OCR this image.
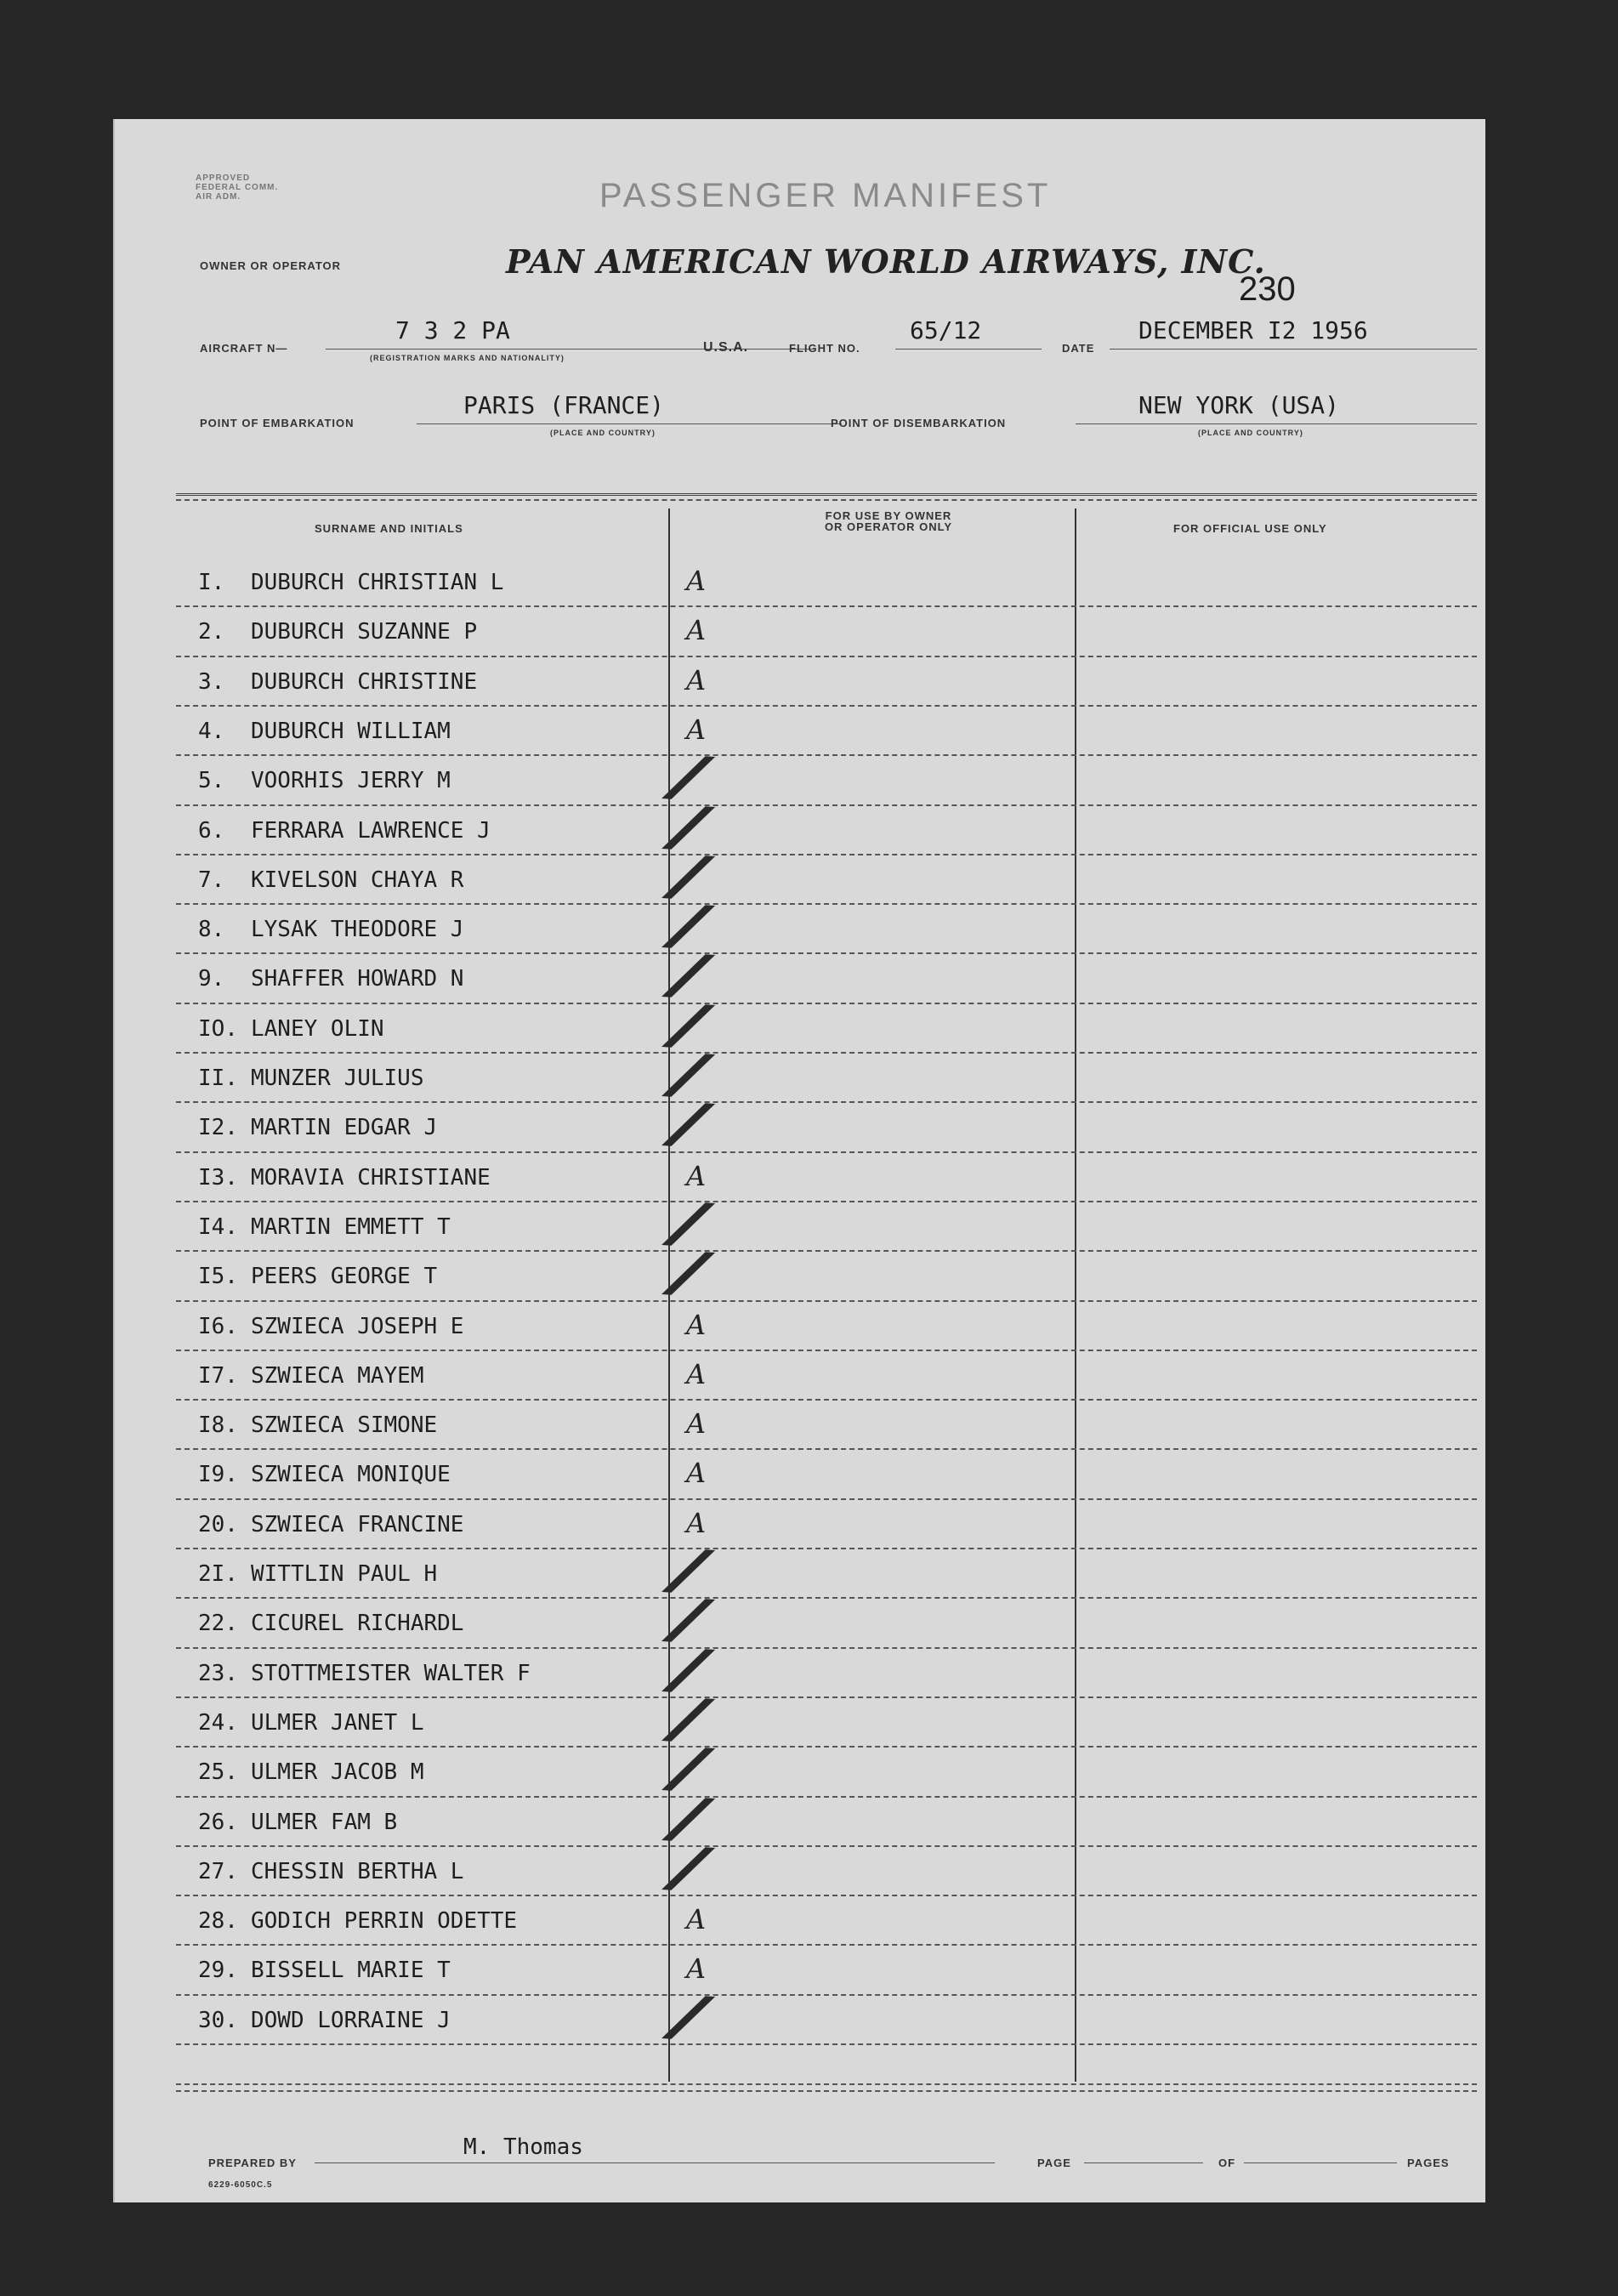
APPROVED
FEDERAL COMM.
AIR ADM.	PASSENGER MANIFEST
OWNER OR OPERATOR	PAN AMERICAN WORLD AIRWAYS, INC.
230
AIRCRAFT N—
7 3 2 PA
(REGISTRATION MARKS AND NATIONALITY)
U.S.A.	FLIGHT NO.
65/12
DATE
DECEMBER I2 1956
POINT OF EMBARKATION
PARIS (FRANCE)
(PLACE AND COUNTRY)
POINT OF DISEMBARKATION
NEW YORK (USA)
(PLACE AND COUNTRY)
SURNAME AND INITIALS
FOR USE BY OWNER
OR OPERATOR ONLY	FOR OFFICIAL USE ONLY
I. DUBURCH CHRISTIAN L	A
2. DUBURCH SUZANNE P	A
3. DUBURCH CHRISTINE	A
4. DUBURCH WILLIAM	A
5. VOORHIS JERRY M	/
6. FERRARA LAWRENCE J	/
7. KIVELSON CHAYA R	/
8. LYSAK THEODORE J	/
9. SHAFFER HOWARD N	/
IO. LANEY OLIN	/
II. MUNZER JULIUS	/
I2. MARTIN EDGAR J	/
I3. MORAVIA CHRISTIANE	A
I4. MARTIN EMMETT T	/
I5. PEERS GEORGE T	/
I6. SZWIECA JOSEPH E	A
I7. SZWIECA MAYEM	A
I8. SZWIECA SIMONE	A
I9. SZWIECA MONIQUE	A
20. SZWIECA FRANCINE	A
2I. WITTLIN PAUL H	/
22. CICUREL RICHARDL	/
23. STOTTMEISTER WALTER F /
24. ULMER JANET L	/
25. ULMER JACOB M	/
26. ULMER FAM B	/
27. CHESSIN BERTHA L	/
28. GODICH PERRIN ODETTE	A
29. BISSELL MARIE T	A
30. DOWD LORRAINE J	/
PREPARED BY
M. Thomas
PAGE	OF	PAGES
6229-6050C.5
